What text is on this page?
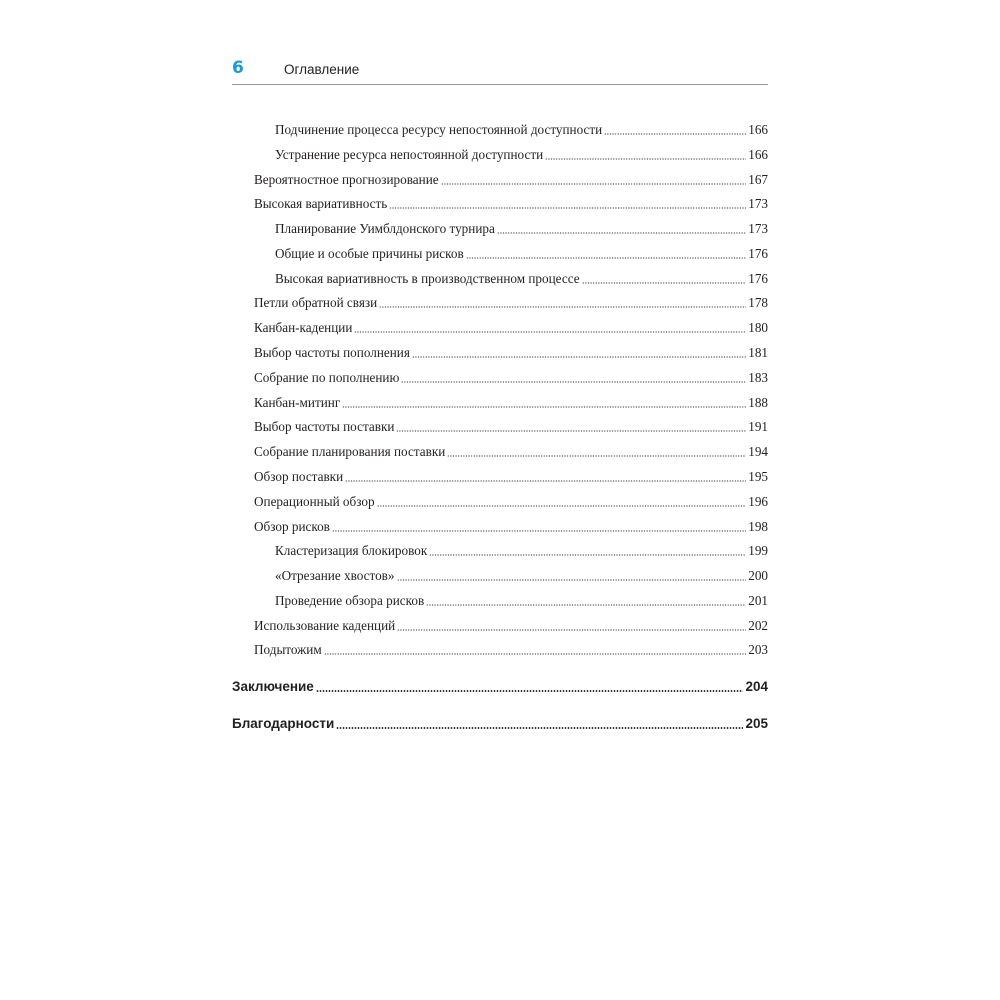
6	Оглавление
Подчинение процесса ресурсу непостоянной доступности	166
Устранение ресурса непостоянной доступности	166
Вероятностное прогнозирование	167
Высокая вариативность	173
Планирование Уимблдонского турнира	173
Общие и особые причины рисков	176
Высокая вариативность в производственном процессе	176
Петли обратной связи	178
Канбан-каденции	180
Выбор частоты пополнения	181
Собрание по пополнению	183
Канбан-митинг	188
Выбор частоты поставки	191
Собрание планирования поставки	194
Обзор поставки	195
Операционный обзор	196
Обзор рисков	198
Кластеризация блокировок	199
«Отрезание хвостов»	200
Проведение обзора рисков	201
Использование каденций	202
Подытожим	203
Заключение	204
Благодарности	205
